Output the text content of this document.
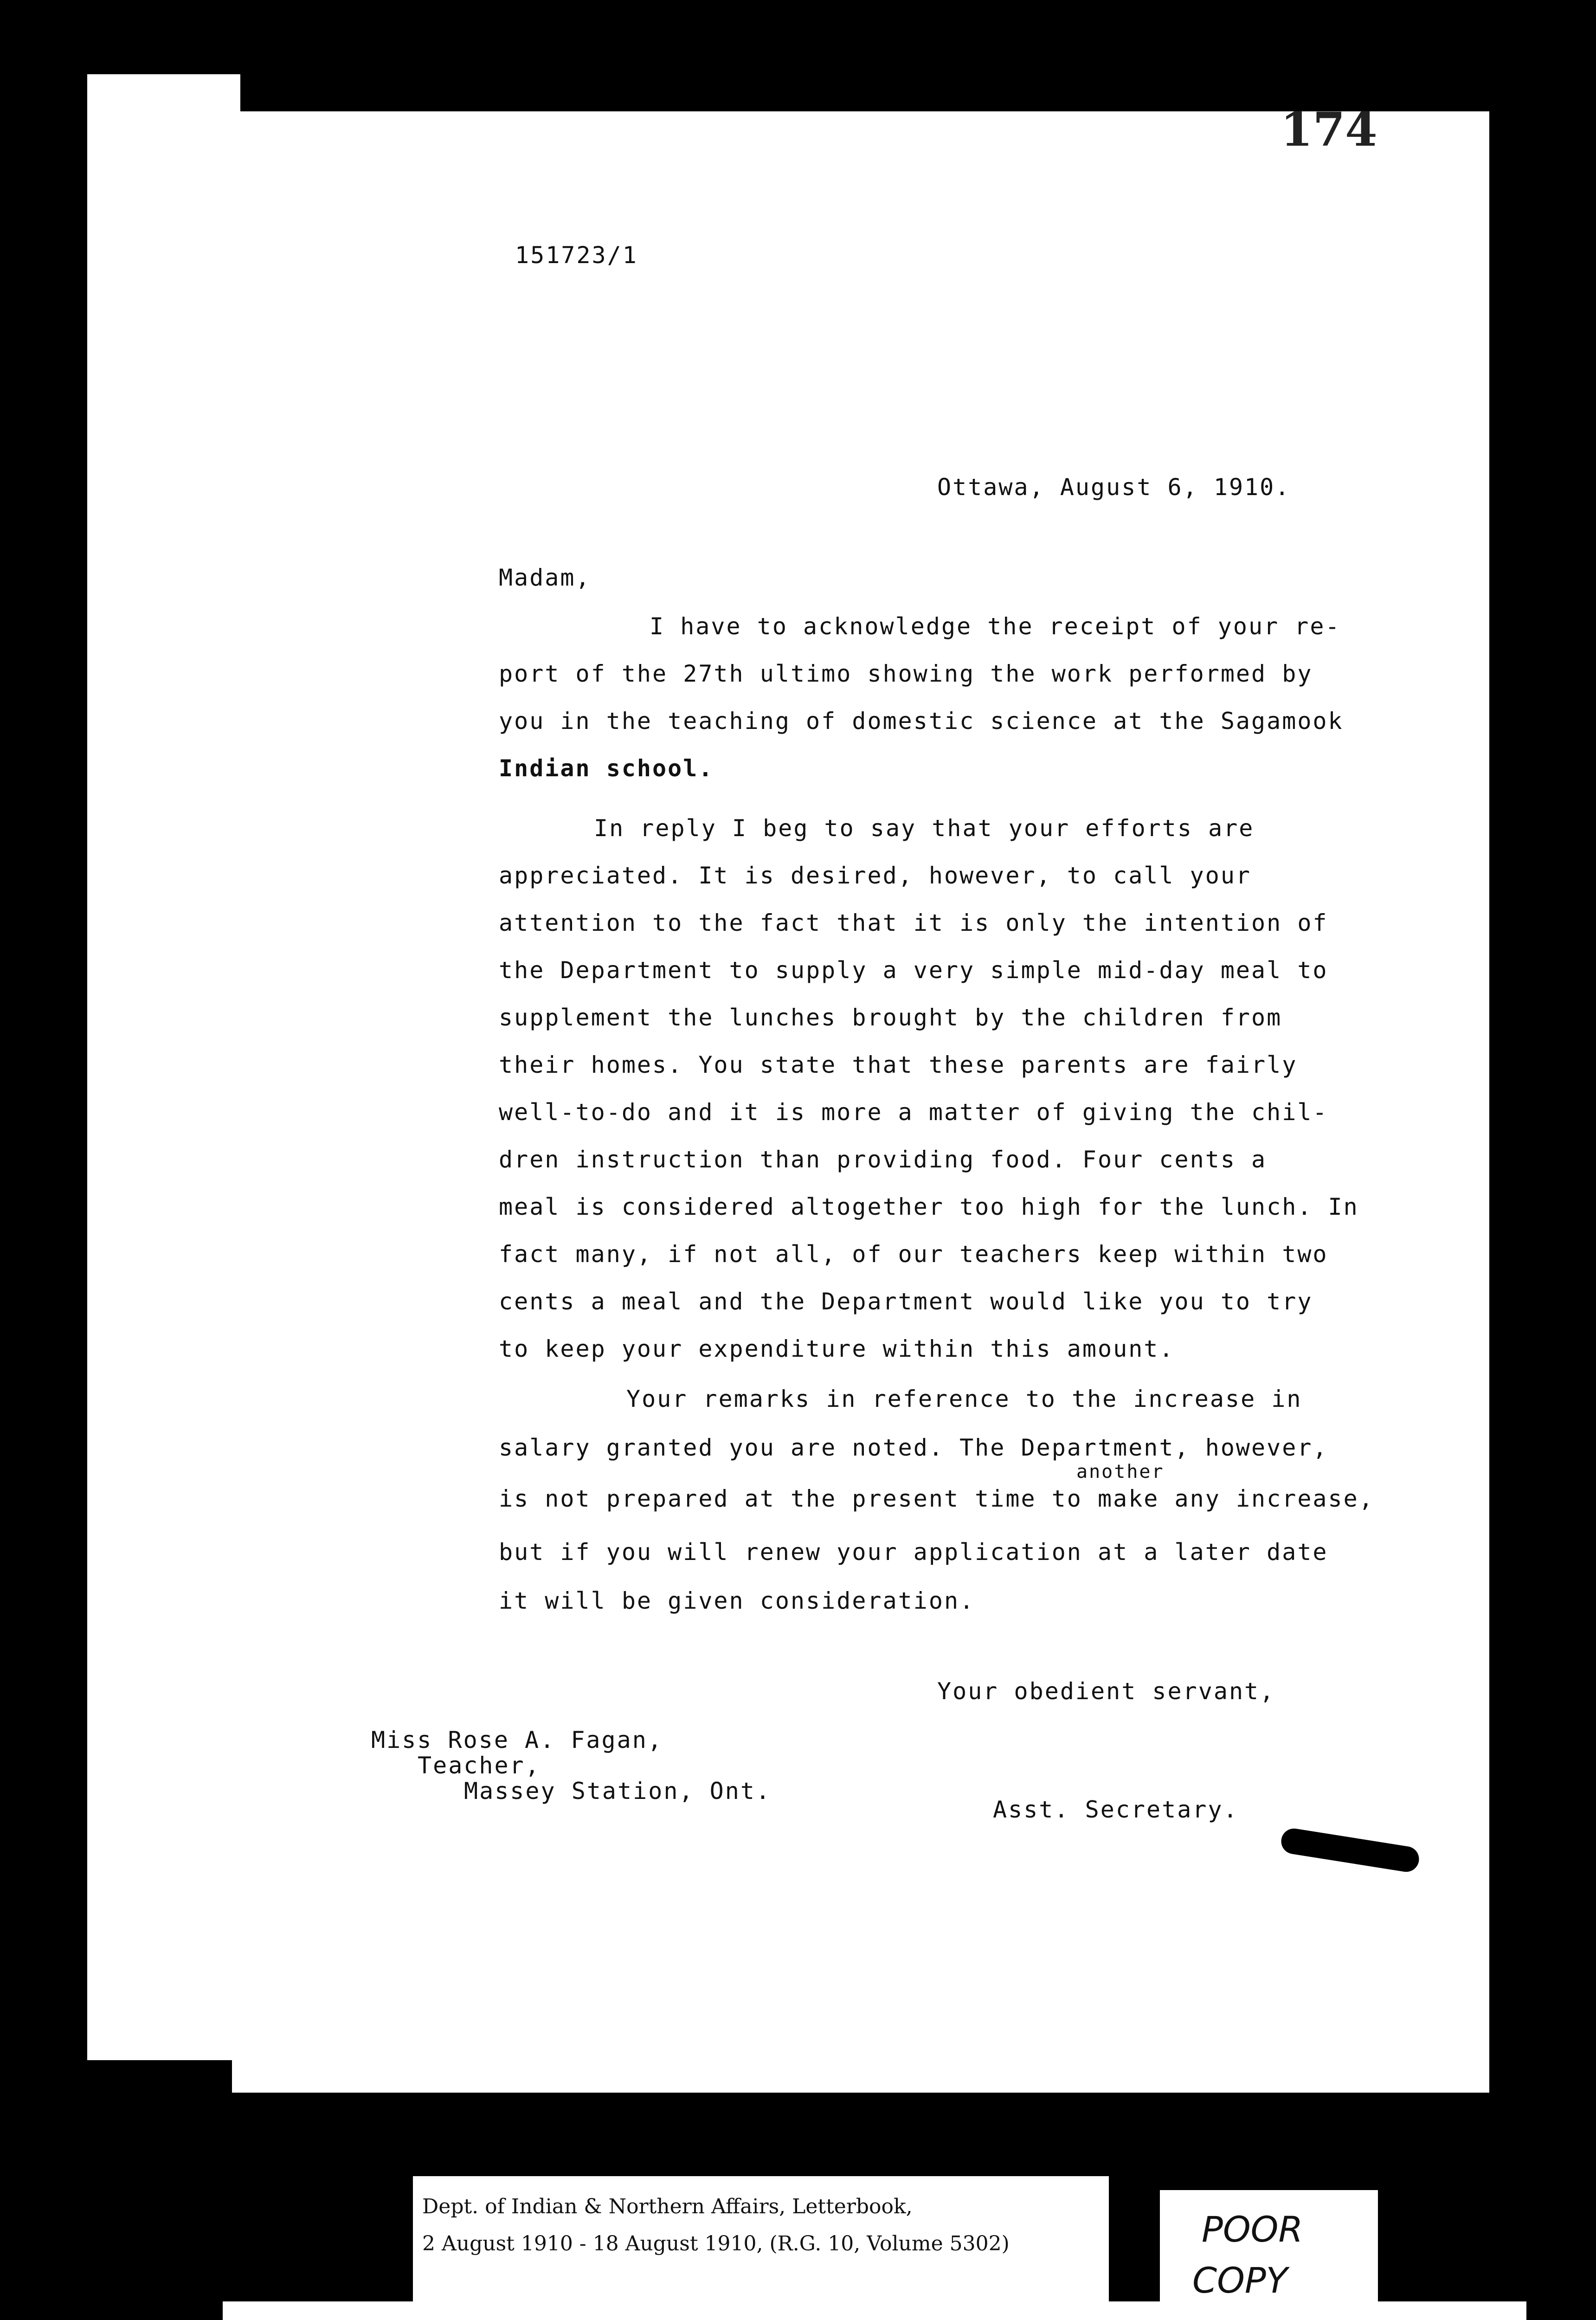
151723/1
Ottawa, August 6, 1910.
Madam,
I have to acknowledge the receipt of your re-
port of the 27th ultimo showing the work performed by
you in the teaching of domestic science at the Sagamook
Indian school.
In reply I beg to say that your efforts are
appreciated. It is desired, however, to call your
attention to the fact that it is only the intention of
the Department to supply a very simple mid-day meal to
supplement the lunches brought by the children from
their homes. You state that these parents are fairly
well-to-do and it is more a matter of giving the chil-
dren instruction than providing food. Four cents a
meal is considered altogether too high for the lunch. In
fact many, if not all, of our teachers keep within two
cents a meal and the Department would like you to try
to keep your expenditure within this amount.
Your remarks in reference to the increase in
salary granted you are noted. The Department, however,
another
is not prepared at the present time to make any increase,
but if you will renew your application at a later date
it will be given consideration.
Your obedient servant,
Miss Rose A. Fagan,
Teacher,
Massey Station, Ont.
Asst. Secretary.
174
Dept. of Indian & Northern Affairs, Letterbook,
2 August 1910 - 18 August 1910, (R.G. 10, Volume 5302)	POOR
COPY
